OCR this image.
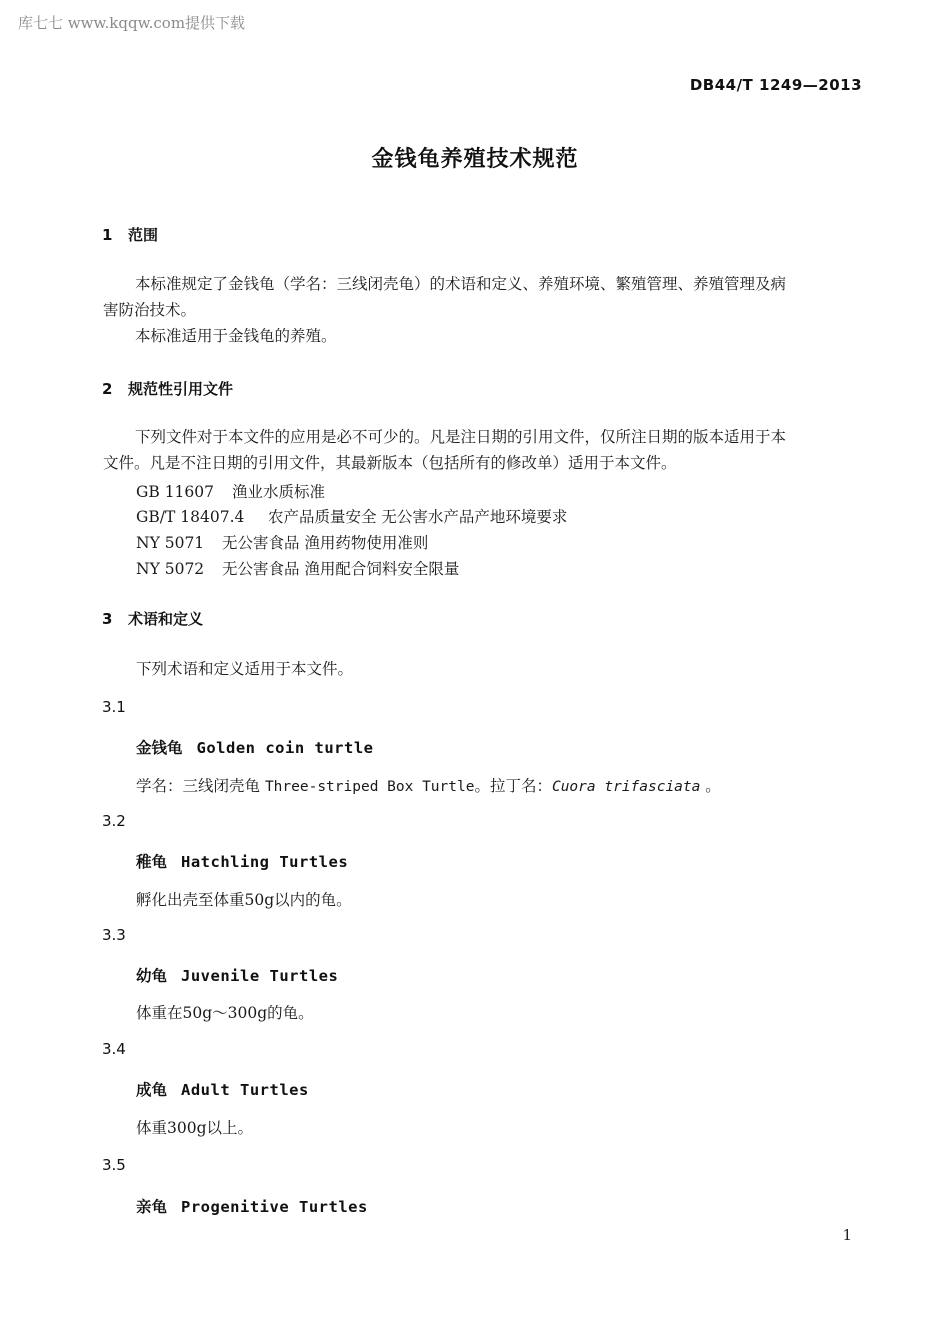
库七七 www.kqqw.com提供下载
DB44/T 1249—2013
金钱龟养殖技术规范
1 范围
本标准规定了金钱龟（学名：三线闭壳龟）的术语和定义、养殖环境、繁殖管理、养殖管理及病
害防治技术。
本标准适用于金钱龟的养殖。
2 规范性引用文件
下列文件对于本文件的应用是必不可少的。凡是注日期的引用文件，仅所注日期的版本适用于本
文件。凡是不注日期的引用文件，其最新版本（包括所有的修改单）适用于本文件。
GB 11607 渔业水质标准
GB/T 18407.4 农产品质量安全 无公害水产品产地环境要求
NY 5071 无公害食品 渔用药物使用准则
NY 5072 无公害食品 渔用配合饲料安全限量
3 术语和定义
下列术语和定义适用于本文件。
3.1
金钱龟 Golden coin turtle
学名：三线闭壳龟 Three-striped Box Turtle。拉丁名：Cuora trifasciata 。
3.2
稚龟 Hatchling Turtles
孵化出壳至体重50g以内的龟。
3.3
幼龟 Juvenile Turtles
体重在50g～300g的龟。
3.4
成龟 Adult Turtles
体重300g以上。
3.5
亲龟 Progenitive Turtles
1
